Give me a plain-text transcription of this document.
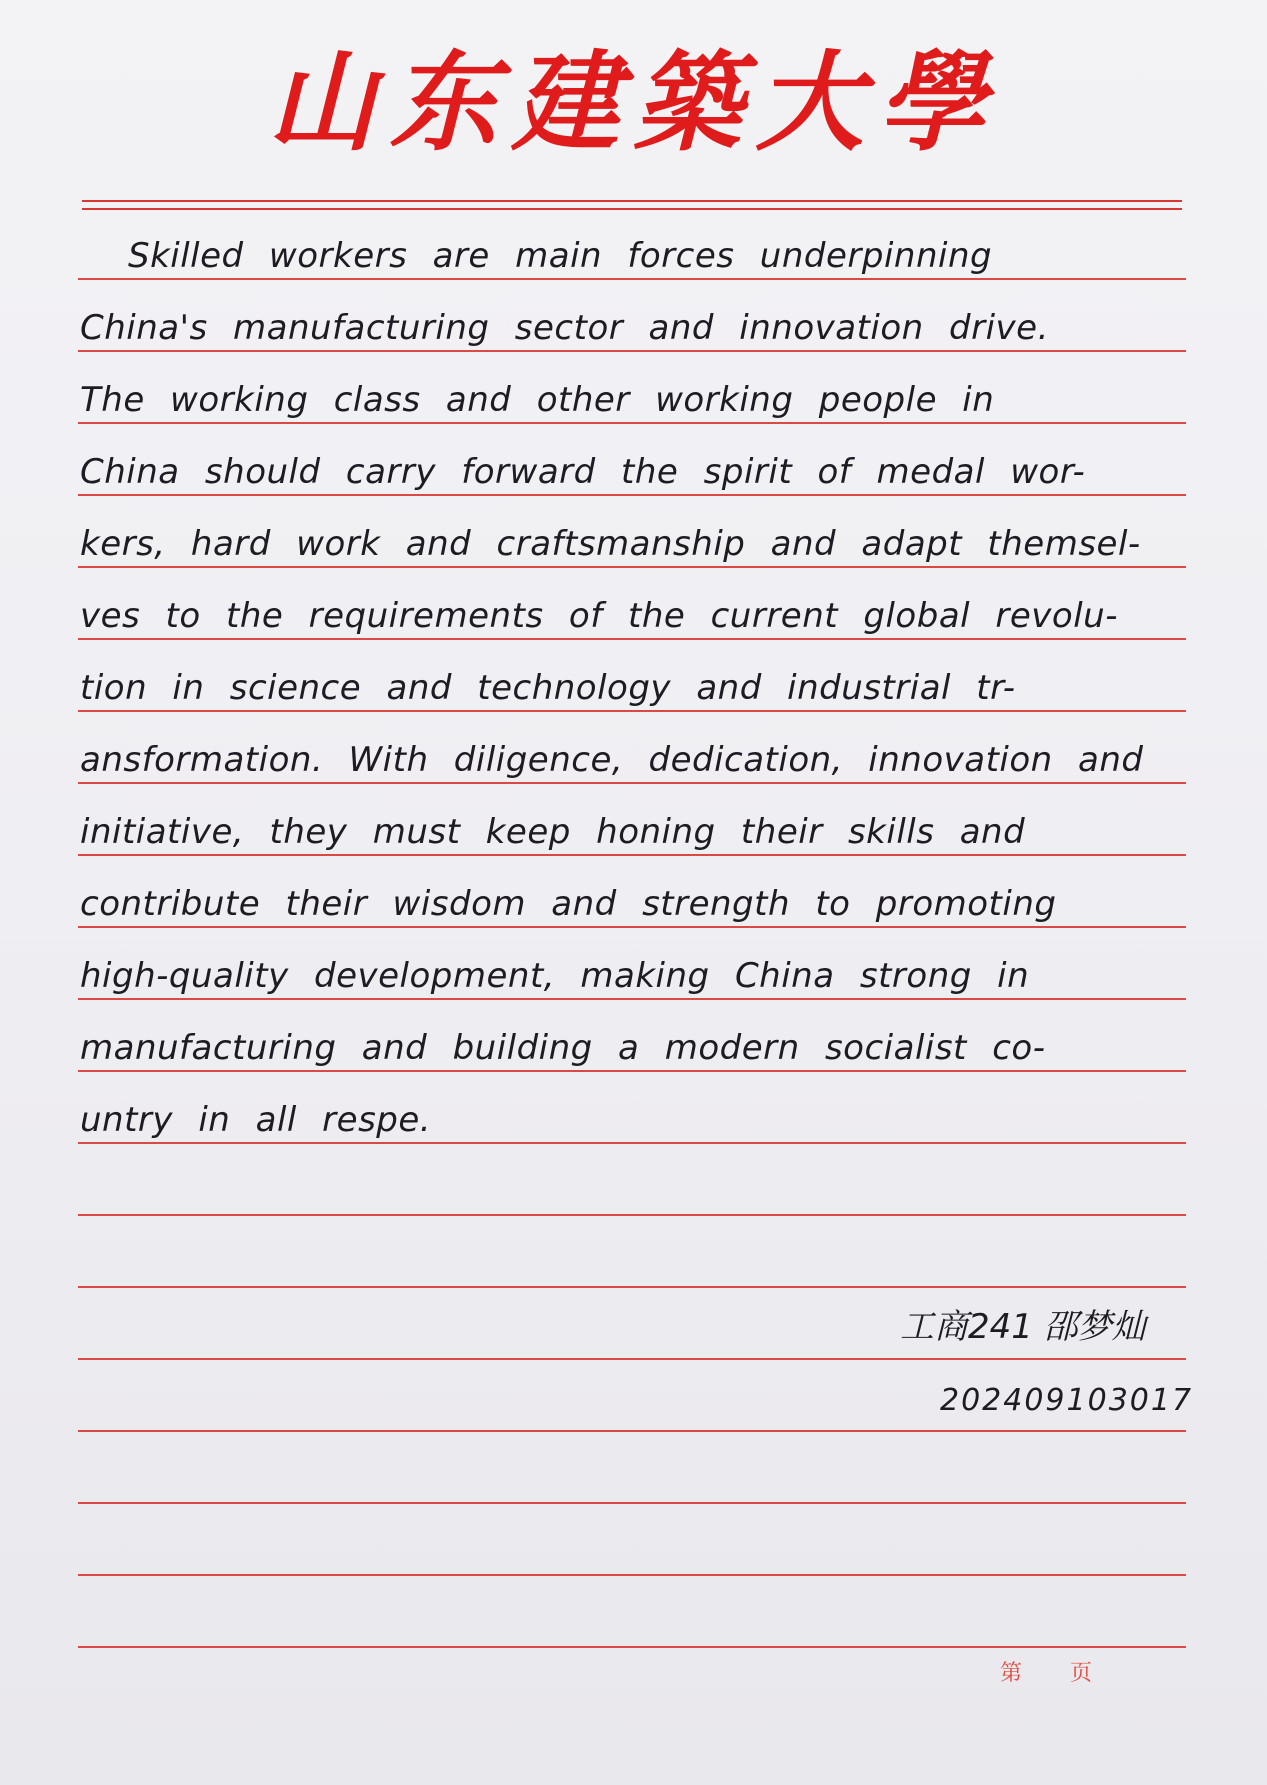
山东建築大學
Skilled workers are main forces underpinning
China's manufacturing sector and innovation drive.
The working class and other working people in
China should carry forward the spirit of medal wor-
kers, hard work and craftsmanship and adapt themsel-
ves to the requirements of the current global revolu-
tion in science and technology and industrial tr-
ansformation. With diligence, dedication, innovation and
initiative, they must keep honing their skills and
contribute their wisdom and strength to promoting
high-quality development, making China strong in
manufacturing and building a modern socialist co-
untry in all respe.
工商241 邵梦灿
202409103017
第 页
